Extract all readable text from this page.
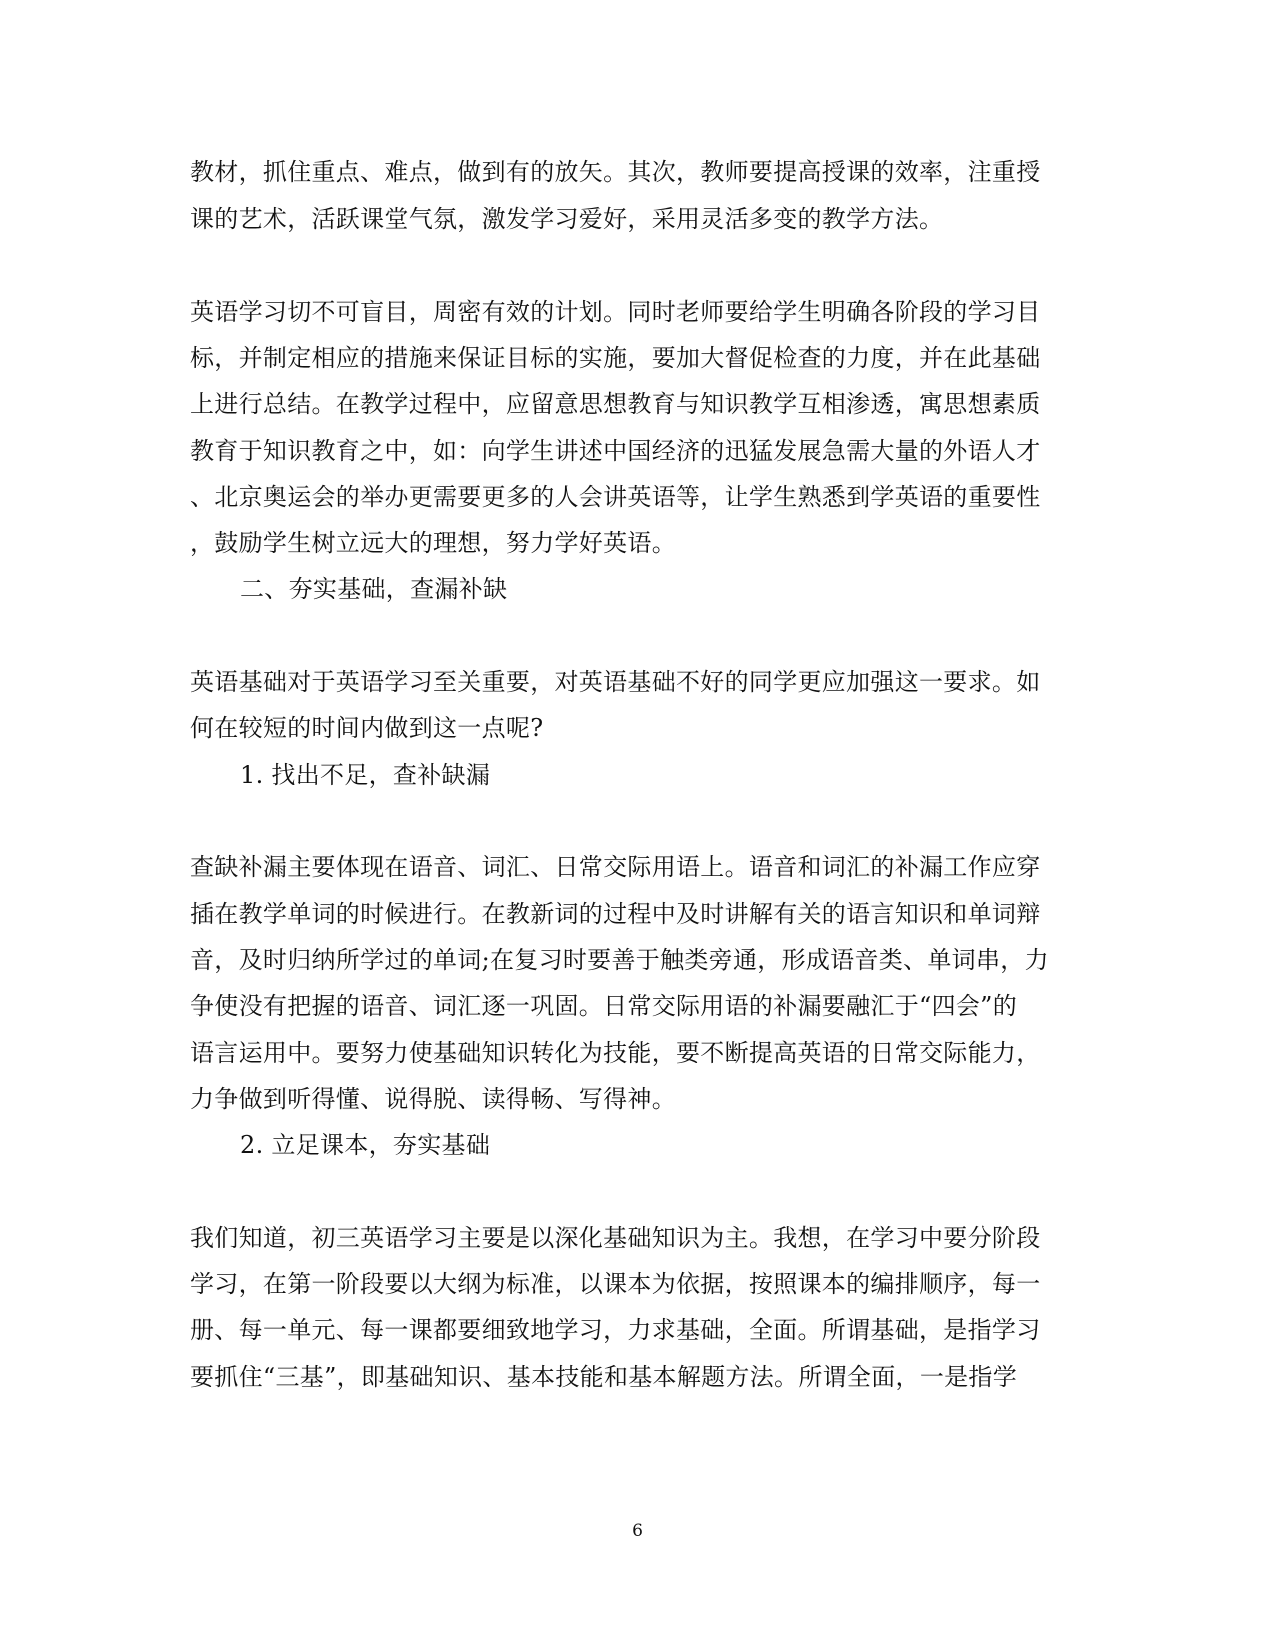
教材，抓住重点、难点，做到有的放矢。其次，教师要提高授课的效率，注重授
课的艺术，活跃课堂气氛，激发学习爱好，采用灵活多变的教学方法。
英语学习切不可盲目，周密有效的计划。同时老师要给学生明确各阶段的学习目
标，并制定相应的措施来保证目标的实施，要加大督促检查的力度，并在此基础
上进行总结。在教学过程中，应留意思想教育与知识教学互相渗透，寓思想素质
教育于知识教育之中，如：向学生讲述中国经济的迅猛发展急需大量的外语人才
、北京奥运会的举办更需要更多的人会讲英语等，让学生熟悉到学英语的重要性
，鼓励学生树立远大的理想，努力学好英语。
二、夯实基础，查漏补缺
英语基础对于英语学习至关重要，对英语基础不好的同学更应加强这一要求。如
何在较短的时间内做到这一点呢?
1. 找出不足，查补缺漏
查缺补漏主要体现在语音、词汇、日常交际用语上。语音和词汇的补漏工作应穿
插在教学单词的时候进行。在教新词的过程中及时讲解有关的语言知识和单词辩
音，及时归纳所学过的单词;在复习时要善于触类旁通，形成语音类、单词串，力
争使没有把握的语音、词汇逐一巩固。日常交际用语的补漏要融汇于“四会”的
语言运用中。要努力使基础知识转化为技能，要不断提高英语的日常交际能力，
力争做到听得懂、说得脱、读得畅、写得神。
2. 立足课本，夯实基础
我们知道，初三英语学习主要是以深化基础知识为主。我想，在学习中要分阶段
学习，在第一阶段要以大纲为标准，以课本为依据，按照课本的编排顺序，每一
册、每一单元、每一课都要细致地学习，力求基础，全面。所谓基础，是指学习
要抓住“三基”，即基础知识、基本技能和基本解题方法。所谓全面，一是指学
6
